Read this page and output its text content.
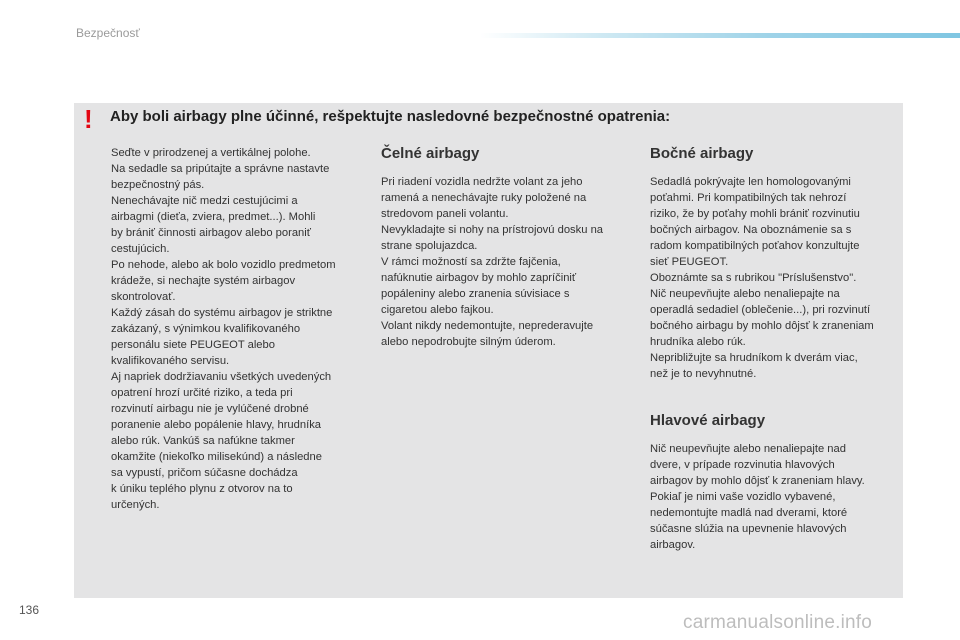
Bezpečnosť
!	Aby boli airbagy plne účinné, rešpektujte nasledovné bezpečnostné opatrenia:

Seďte v prirodzenej a vertikálnej polohe.
Na sedadle sa pripútajte a správne nastavte
bezpečnostný pás.
Nenechávajte nič medzi cestujúcimi a
airbagmi (dieťa, zviera, predmet...). Mohli
by brániť činnosti airbagov alebo poraniť
cestujúcich.
Po nehode, alebo ak bolo vozidlo predmetom
krádeže, si nechajte systém airbagov
skontrolovať.
Každý zásah do systému airbagov je striktne
zakázaný, s výnimkou kvalifikovaného
personálu siete PEUGEOT alebo
kvalifikovaného servisu.
Aj napriek dodržiavaniu všetkých uvedených
opatrení hrozí určité riziko, a teda pri
rozvinutí airbagu nie je vylúčené drobné
poranenie alebo popálenie hlavy, hrudníka
alebo rúk. Vankúš sa nafúkne takmer
okamžite (niekoľko milisekúnd) a následne
sa vypustí, pričom súčasne dochádza
k úniku teplého plynu z otvorov na to
určených.

Čelné airbagy

Pri riadení vozidla nedržte volant za jeho
ramená a nenechávajte ruky položené na
stredovom paneli volantu.
Nevykladajte si nohy na prístrojovú dosku na
strane spolujazdca.
V rámci možností sa zdržte fajčenia,
nafúknutie airbagov by mohlo zapríčiniť
popáleniny alebo zranenia súvisiace s
cigaretou alebo fajkou.
Volant nikdy nedemontujte, neprederavujte
alebo nepodrobujte silným úderom.

Bočné airbagy

Sedadlá pokrývajte len homologovanými
poťahmi. Pri kompatibilných tak nehrozí
riziko, že by poťahy mohli brániť rozvinutiu
bočných airbagov. Na oboznámenie sa s
radom kompatibilných poťahov konzultujte
sieť PEUGEOT.
Oboznámte sa s rubrikou "Príslušenstvo".
Nič neupevňujte alebo nenaliepajte na
operadlá sedadiel (oblečenie...), pri rozvinutí
bočného airbagu by mohlo dôjsť k zraneniam
hrudníka alebo rúk.
Nepribližujte sa hrudníkom k dverám viac,
než je to nevyhnutné.

Hlavové airbagy

Nič neupevňujte alebo nenaliepajte nad
dvere, v prípade rozvinutia hlavových
airbagov by mohlo dôjsť k zraneniam hlavy.
Pokiaľ je nimi vaše vozidlo vybavené,
nedemontujte madlá nad dverami, ktoré
súčasne slúžia na upevnenie hlavových
airbagov.

136
carmanualsonline.info
